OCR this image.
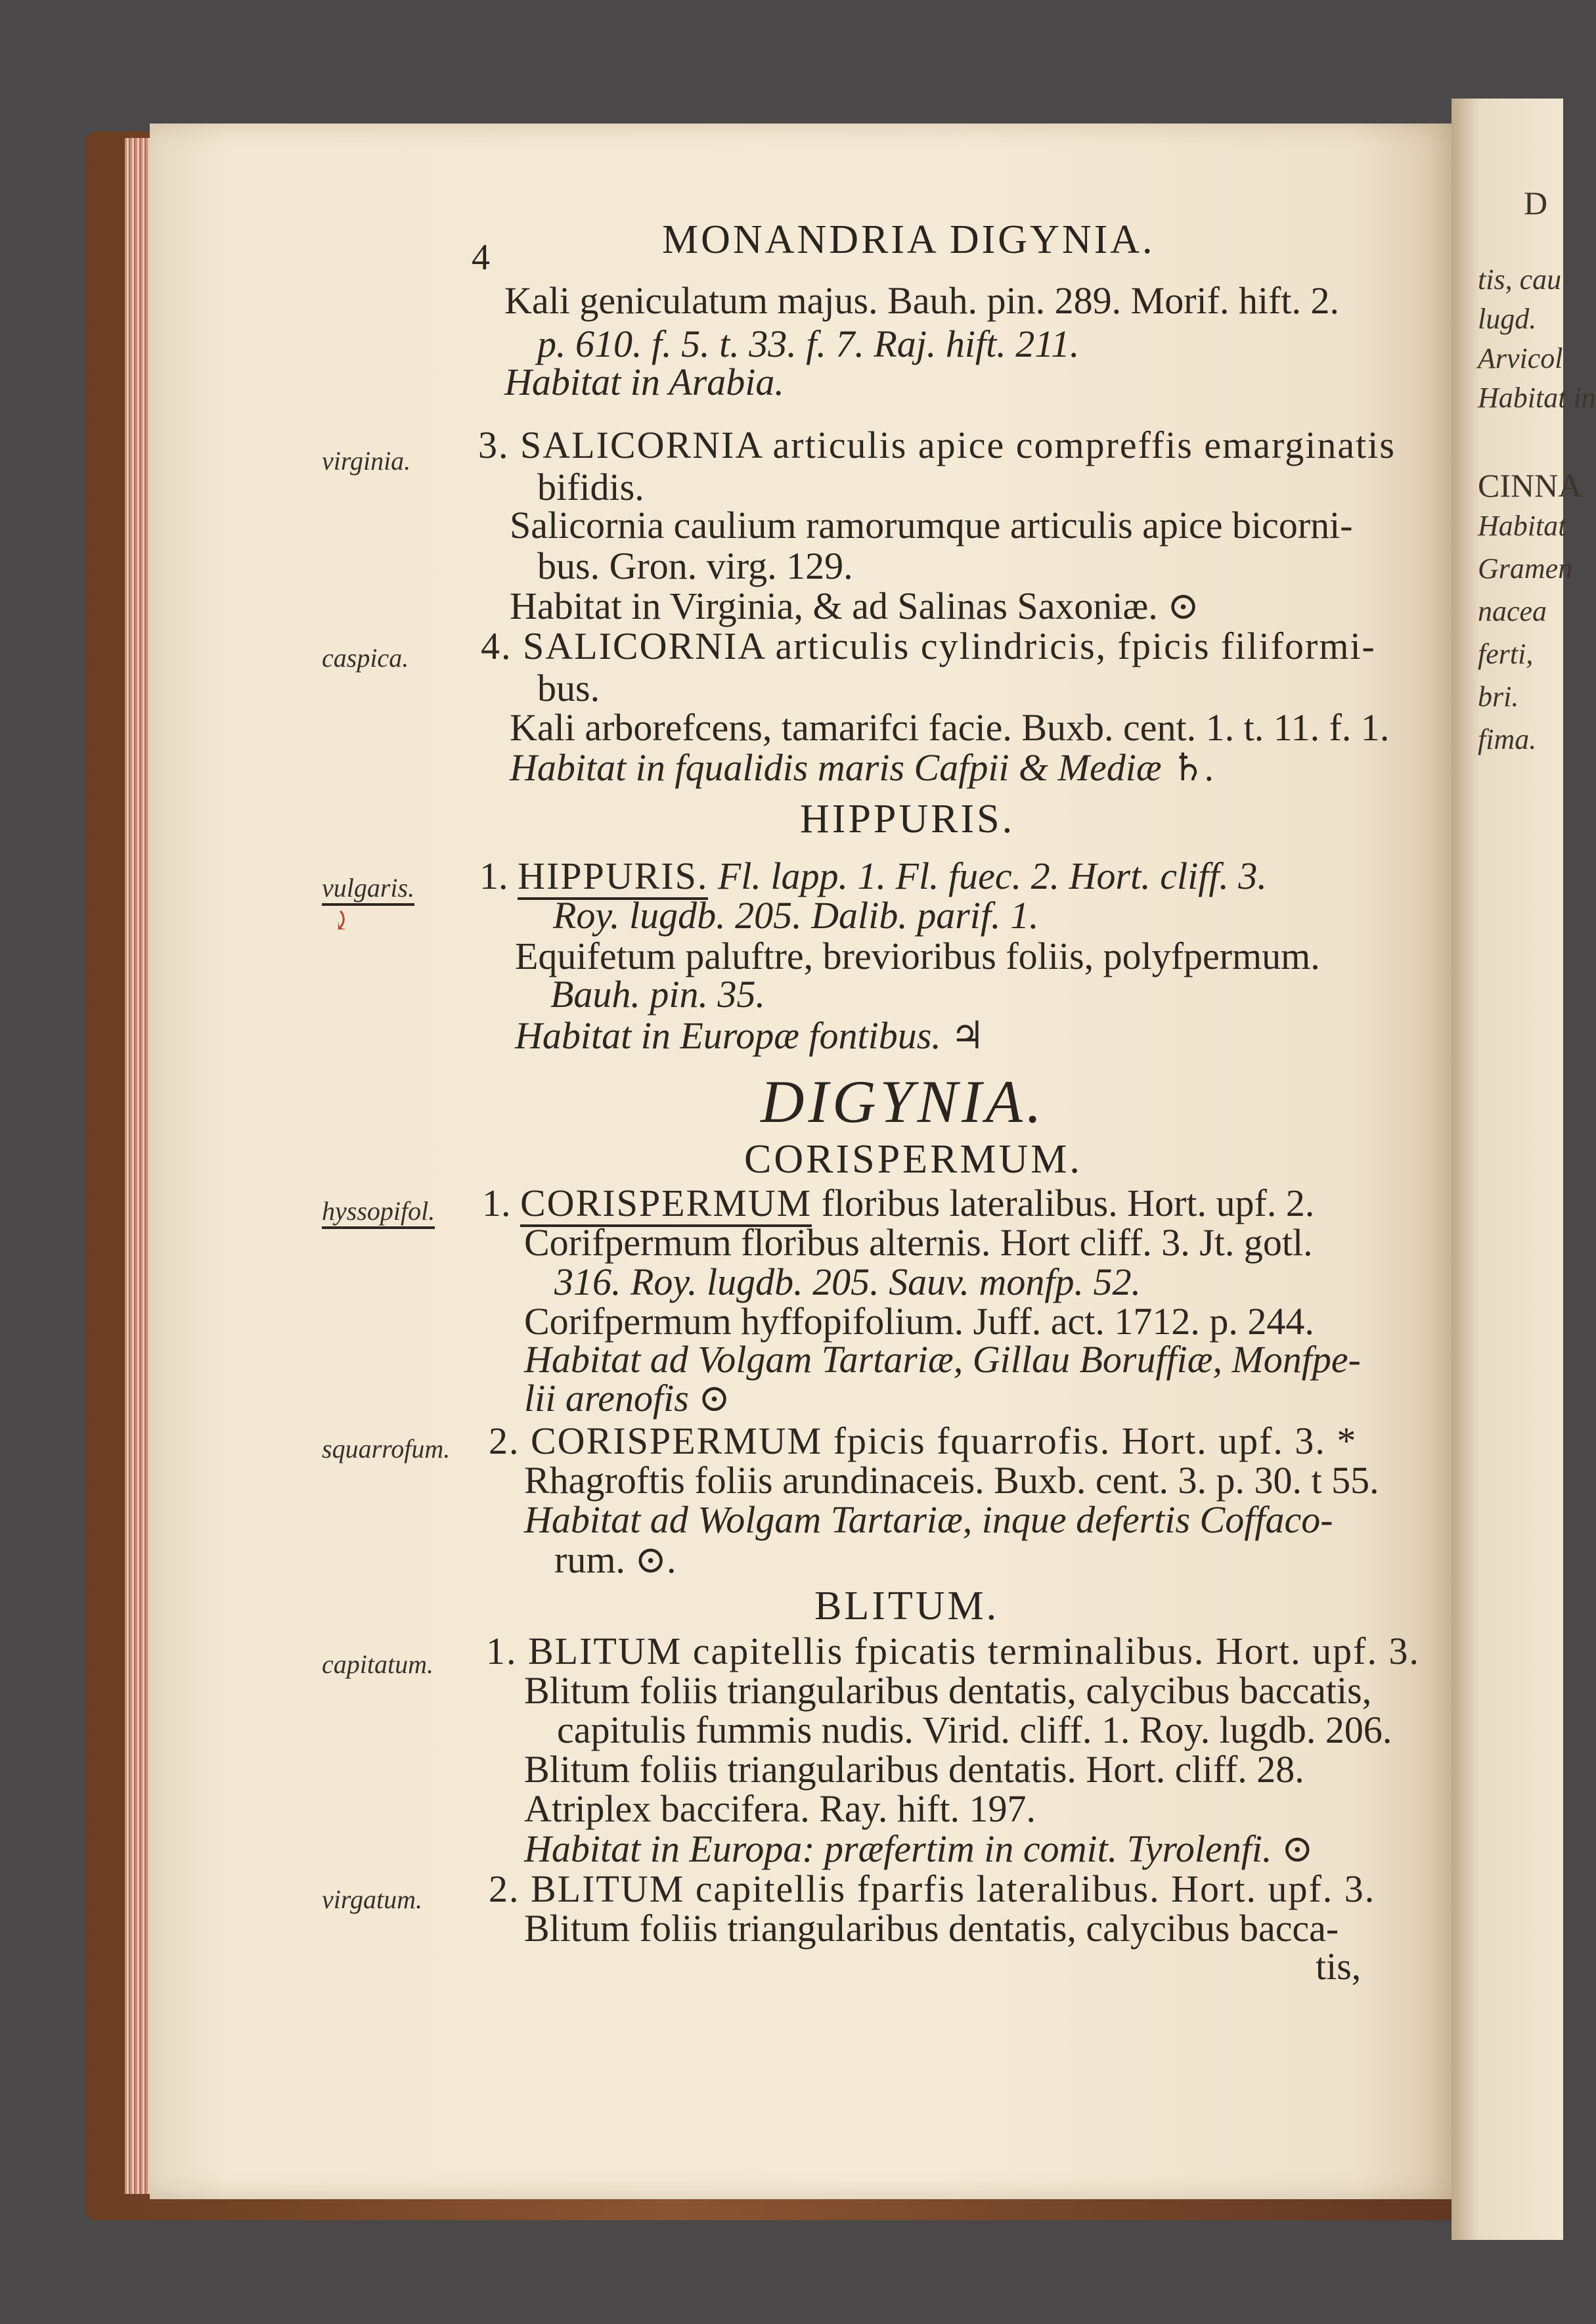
4	MONANDRIA DIGYNIA.
Kali geniculatum majus. Bauh. pin. 289. Morif. hift. 2.
p. 610. f. 5. t. 33. f. 7. Raj. hift. 211.
Habitat in Arabia.
virginia. 3. SALICORNIA articulis apice compreffis emarginatis
bifidis.
Salicornia caulium ramorumque articulis apice bicorni-
bus. Gron. virg. 129.
Habitat in Virginia, & ad Salinas Saxoniæ. ⊙
caspica. 4. SALICORNIA articulis cylindricis, fpicis filiformi-
bus.
Kali arborefcens, tamarifci facie. Buxb. cent. 1. t. 11. f. 1.
Habitat in fqualidis maris Cafpii & Mediæ ♄.
HIPPURIS.
vulgaris.
⤸
1. HIPPURIS. Fl. lapp. 1. Fl. fuec. 2. Hort. cliff. 3.
Roy. lugdb. 205. Dalib. parif. 1.
Equifetum paluftre, brevioribus foliis, polyfpermum.
Bauh. pin. 35.
Habitat in Europæ fontibus. ♃
DIGYNIA.
CORISPERMUM.
hyssopifol. 1. CORISPERMUM floribus lateralibus. Hort. upf. 2.
Corifpermum floribus alternis. Hort cliff. 3. Jt. gotl.
316. Roy. lugdb. 205. Sauv. monfp. 52.
Corifpermum hyffopifolium. Juff. act. 1712. p. 244.
Habitat ad Volgam Tartariæ, Gillau Boruffiæ, Monfpe-
lii arenofis ⊙
squarrofum. 2. CORISPERMUM fpicis fquarrofis. Hort. upf. 3. *
Rhagroftis foliis arundinaceis. Buxb. cent. 3. p. 30. t 55.
Habitat ad Wolgam Tartariæ, inque defertis Coffaco-
rum. ⊙.
BLITUM.
capitatum. 1. BLITUM capitellis fpicatis terminalibus. Hort. upf. 3.
Blitum foliis triangularibus dentatis, calycibus baccatis,
capitulis fummis nudis. Virid. cliff. 1. Roy. lugdb. 206.
Blitum foliis triangularibus dentatis. Hort. cliff. 28.
Atriplex baccifera. Ray. hift. 197.
Habitat in Europa: præfertim in comit. Tyrolenfi. ⊙
virgatum. 2. BLITUM capitellis fparfis lateralibus. Hort. upf. 3.
Blitum foliis triangularibus dentatis, calycibus bacca-
tis,
D
tis, cau
lugd.
Arvicol
Habitat in
CINNA
Habitat
Gramen
nacea
ferti,
bri.
fima.
